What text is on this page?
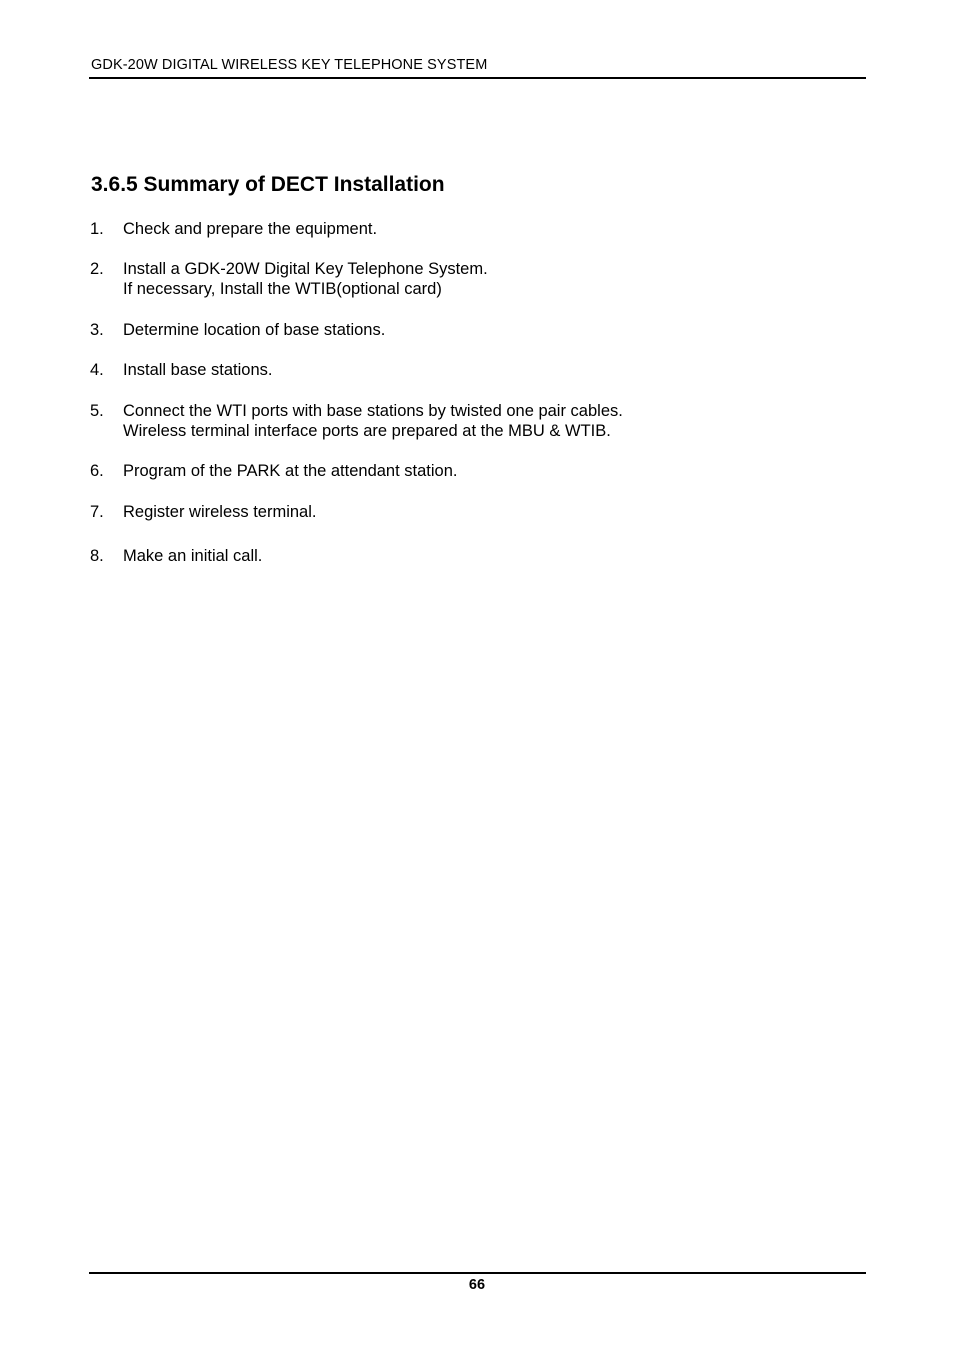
GDK-20W DIGITAL WIRELESS KEY TELEPHONE SYSTEM
3.6.5 Summary of DECT Installation
1. Check and prepare the equipment.
2. Install a GDK-20W Digital Key Telephone System.
If necessary, Install the WTIB(optional card)
3. Determine location of base stations.
4. Install base stations.
5. Connect the WTI ports with base stations by twisted one pair cables.
Wireless terminal interface ports are prepared at the MBU & WTIB.
6. Program of the PARK at the attendant station.
7. Register wireless terminal.
8. Make an initial call.
66
